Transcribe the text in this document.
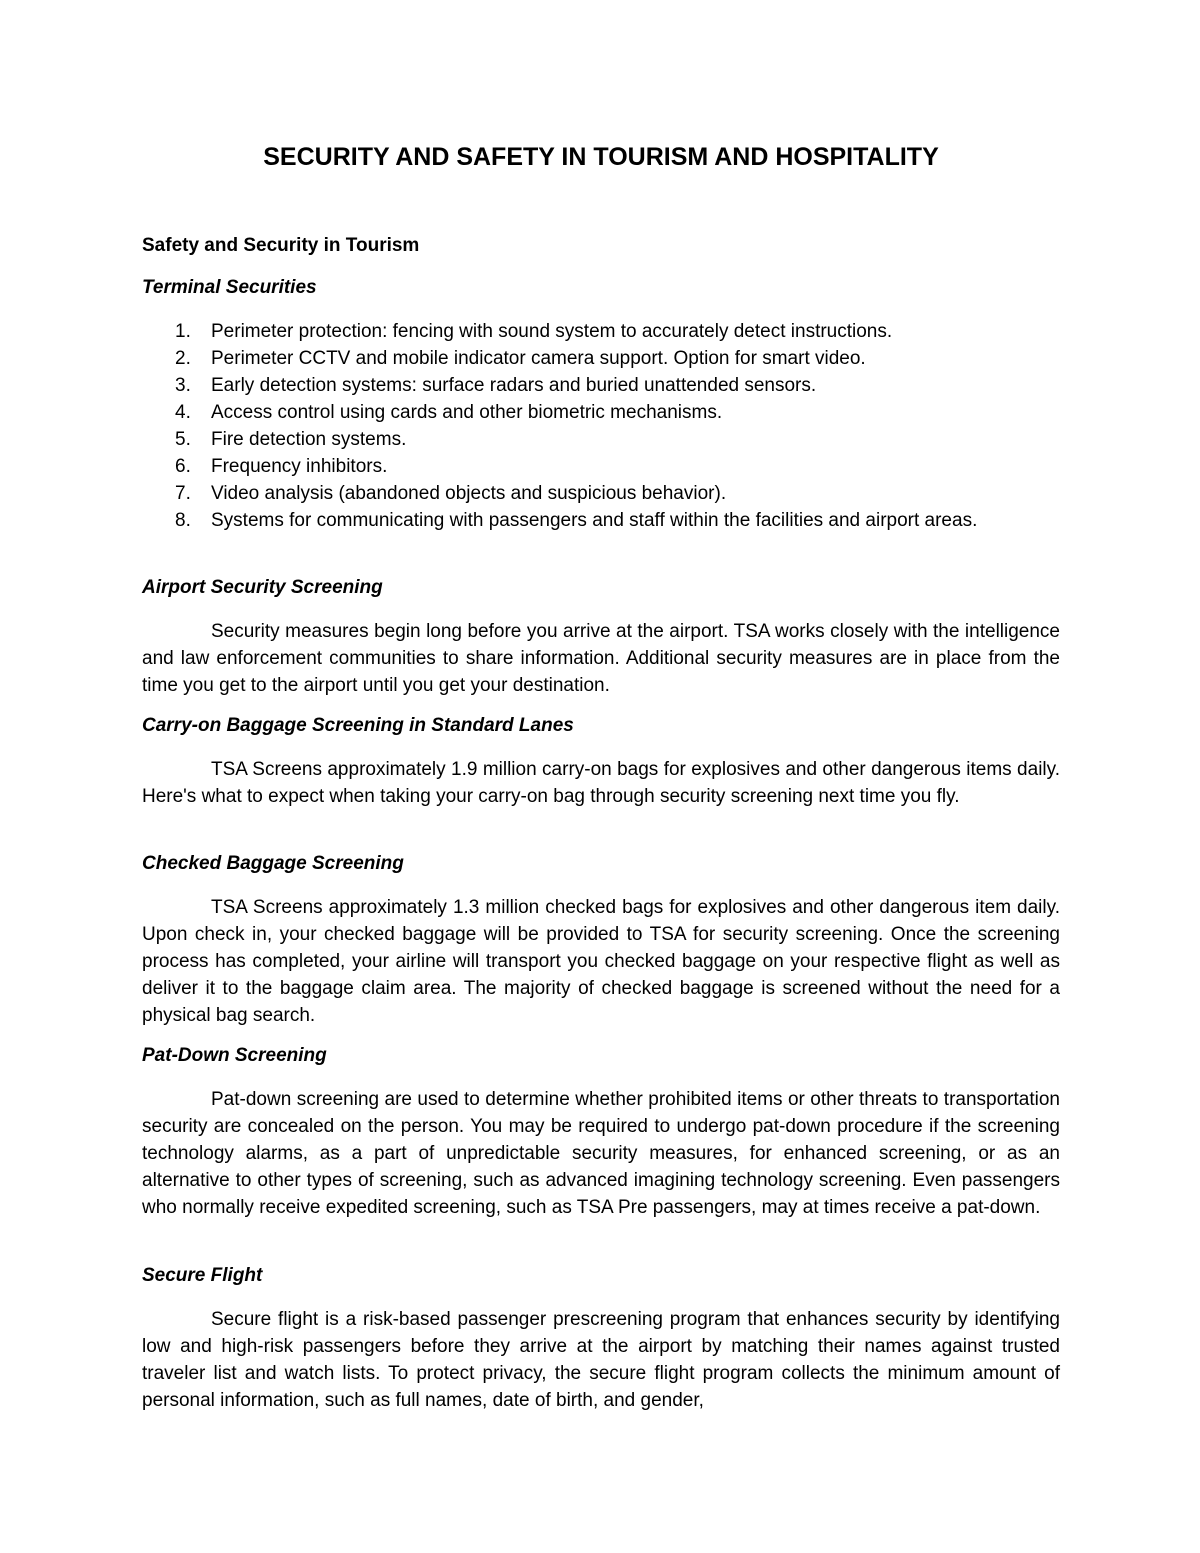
SECURITY AND SAFETY IN TOURISM AND HOSPITALITY
Safety and Security in Tourism
Terminal Securities
1.	Perimeter protection: fencing with sound system to accurately detect instructions.
2.	Perimeter CCTV and mobile indicator camera support. Option for smart video.
3.	Early detection systems: surface radars and buried unattended sensors.
4.	Access control using cards and other biometric mechanisms.
5.	Fire detection systems.
6.	Frequency inhibitors.
7.	Video analysis (abandoned objects and suspicious behavior).
8.	Systems for communicating with passengers and staff within the facilities and airport areas.
Airport Security Screening

Security measures begin long before you arrive at the airport. TSA works closely with the intelligence and law enforcement communities to share information. Additional security measures are in place from the time you get to the airport until you get your destination.

Carry-on Baggage Screening in Standard Lanes

TSA Screens approximately 1.9 million carry-on bags for explosives and other dangerous items daily. Here's what to expect when taking your carry-on bag through security screening next time you fly.

Checked Baggage Screening

TSA Screens approximately 1.3 million checked bags for explosives and other dangerous item daily. Upon check in, your checked baggage will be provided to TSA for security screening. Once the screening process has completed, your airline will transport you checked baggage on your respective flight as well as deliver it to the baggage claim area. The majority of checked baggage is screened without the need for a physical bag search.

Pat-Down Screening

Pat-down screening are used to determine whether prohibited items or other threats to transportation security are concealed on the person. You may be required to undergo pat-down procedure if the screening technology alarms, as a part of unpredictable security measures, for enhanced screening, or as an alternative to other types of screening, such as advanced imagining technology screening. Even passengers who normally receive expedited screening, such as TSA Pre passengers, may at times receive a pat-down.

Secure Flight

Secure flight is a risk-based passenger prescreening program that enhances security by identifying low and high-risk passengers before they arrive at the airport by matching their names against trusted traveler list and watch lists. To protect privacy, the secure flight program collects the minimum amount of personal information, such as full names, date of birth, and gender,
